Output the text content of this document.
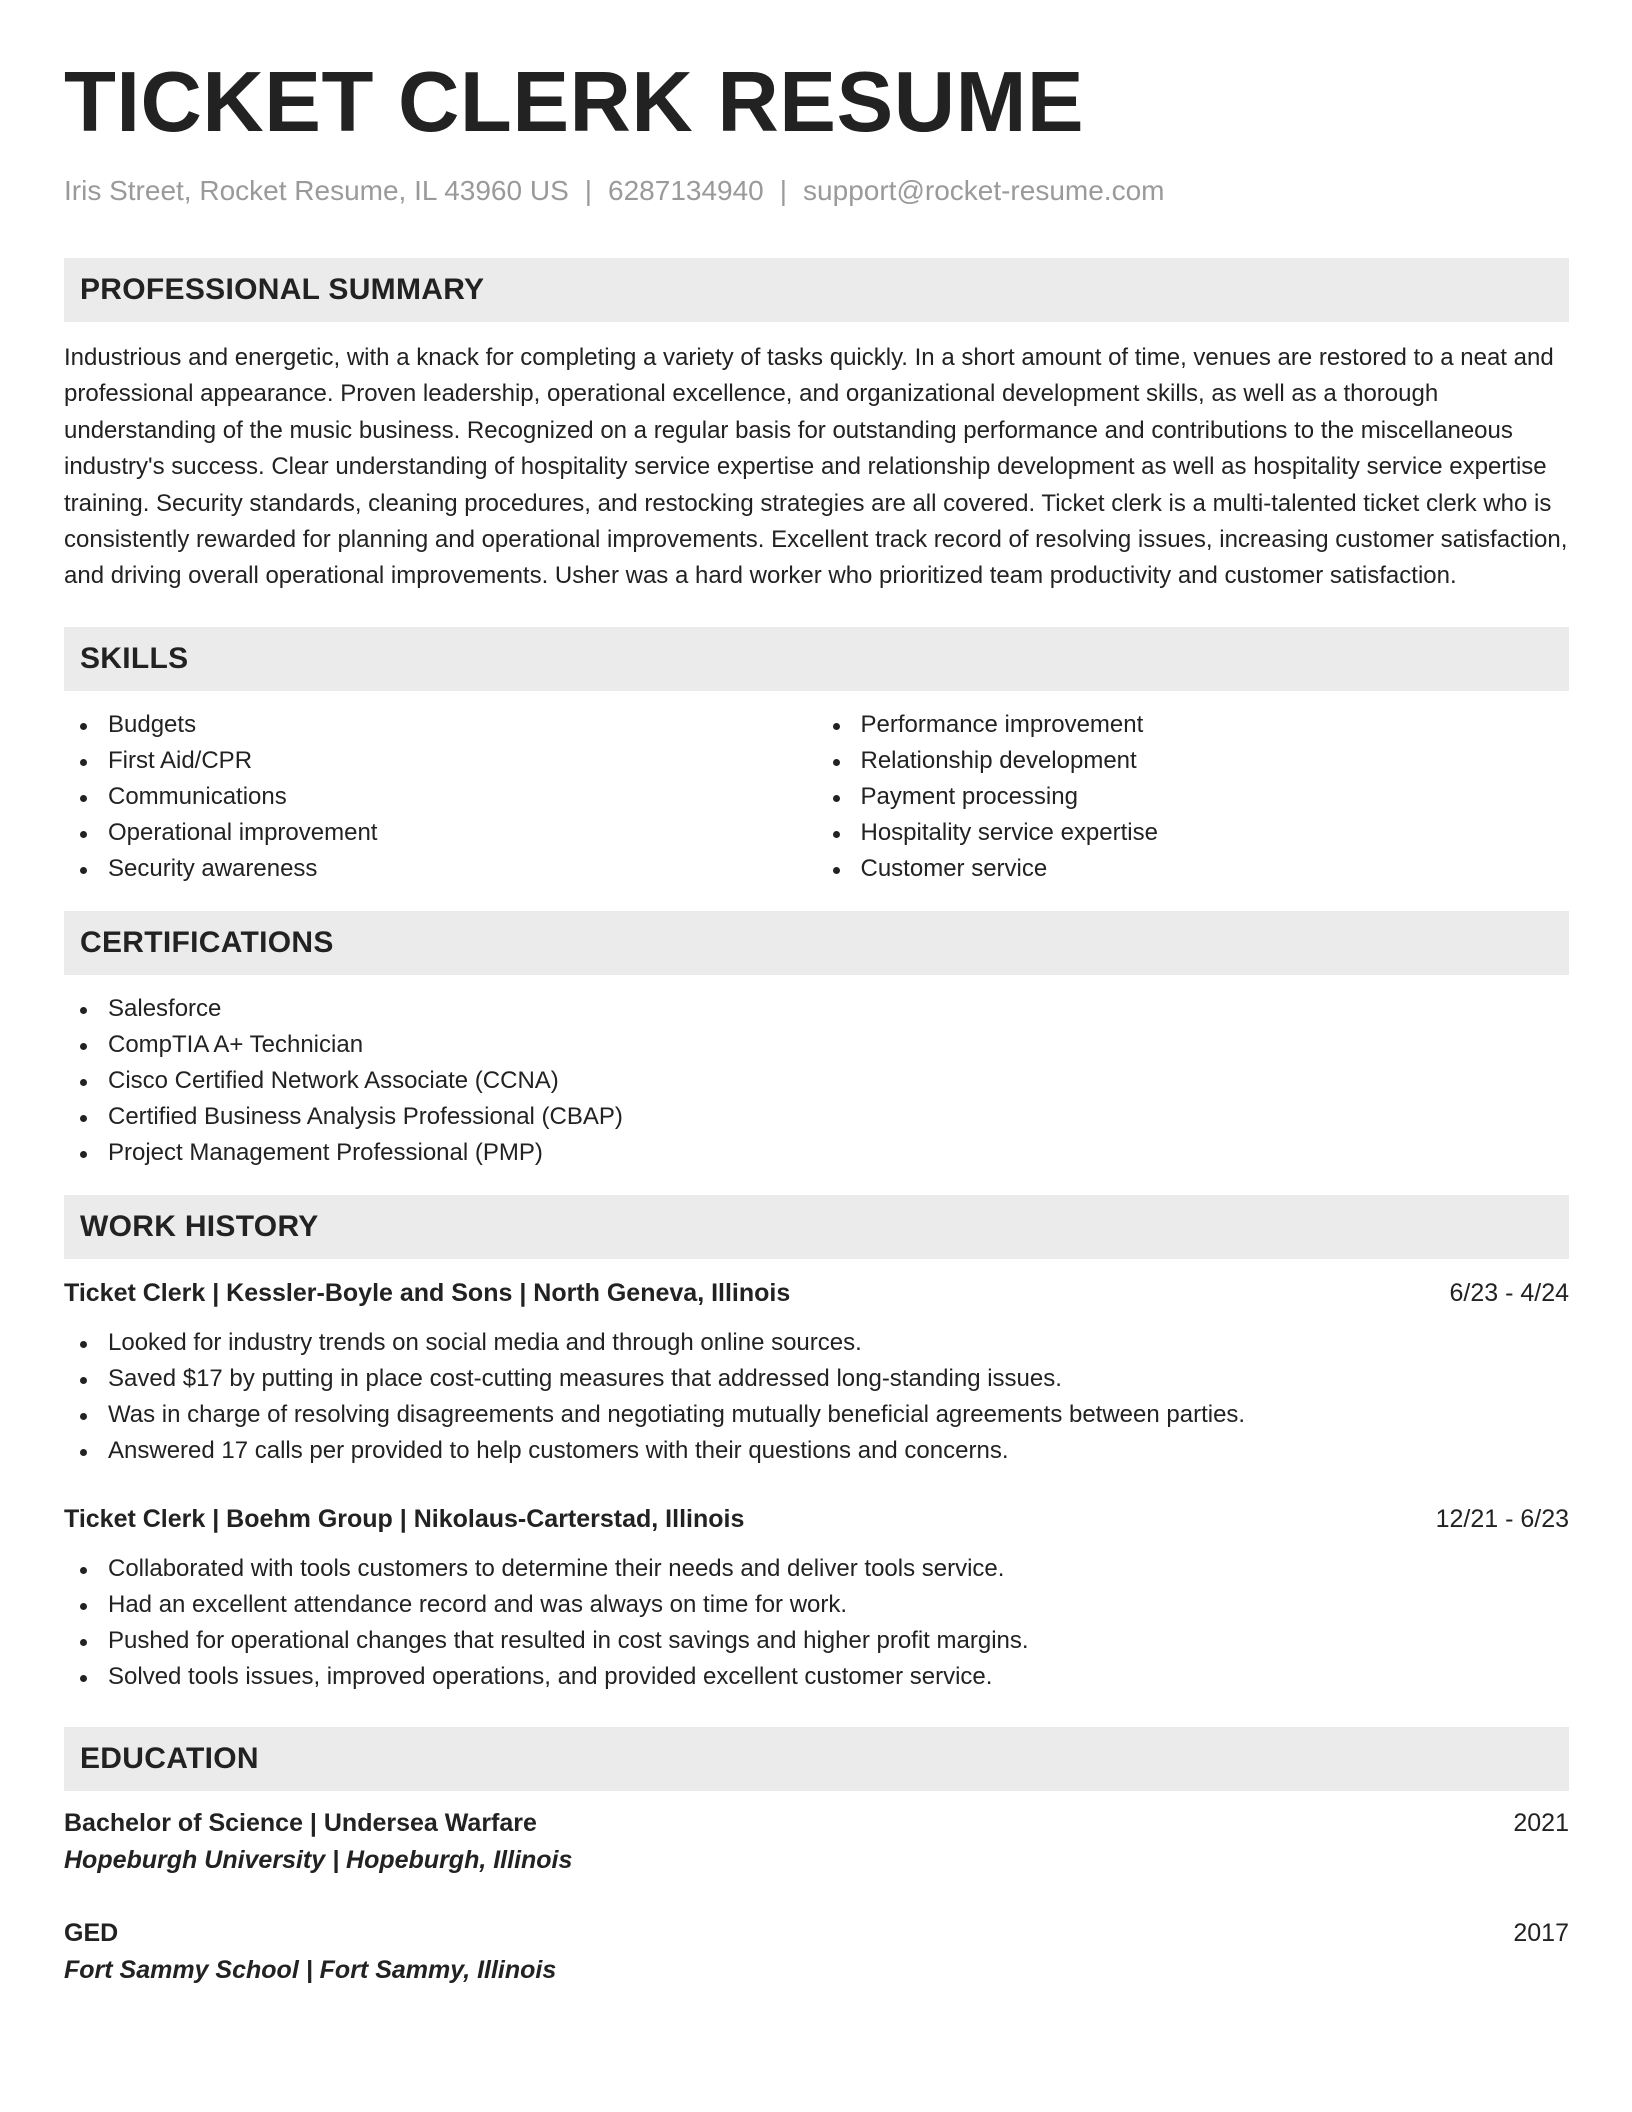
TICKET CLERK RESUME
Iris Street, Rocket Resume, IL 43960 US | 6287134940 | support@rocket-resume.com
PROFESSIONAL SUMMARY

Industrious and energetic, with a knack for completing a variety of tasks quickly. In a short amount of time, venues are restored to a neat and professional appearance. Proven leadership, operational excellence, and organizational development skills, as well as a thorough understanding of the music business. Recognized on a regular basis for outstanding performance and contributions to the miscellaneous industry's success. Clear understanding of hospitality service expertise and relationship development as well as hospitality service expertise training. Security standards, cleaning procedures, and restocking strategies are all covered. Ticket clerk is a multi-talented ticket clerk who is consistently rewarded for planning and operational improvements. Excellent track record of resolving issues, increasing customer satisfaction, and driving overall operational improvements. Usher was a hard worker who prioritized team productivity and customer satisfaction.

SKILLS
Budgets
First Aid/CPR
Communications
Operational improvement
Security awareness
Performance improvement
Relationship development
Payment processing
Hospitality service expertise
Customer service
CERTIFICATIONS
Salesforce
CompTIA A+ Technician
Cisco Certified Network Associate (CCNA)
Certified Business Analysis Professional (CBAP)
Project Management Professional (PMP)
WORK HISTORY
Ticket Clerk | Kessler-Boyle and Sons | North Geneva, Illinois	6/23 - 4/24
Looked for industry trends on social media and through online sources.
Saved $17 by putting in place cost-cutting measures that addressed long-standing issues.
Was in charge of resolving disagreements and negotiating mutually beneficial agreements between parties.
Answered 17 calls per provided to help customers with their questions and concerns.
Ticket Clerk | Boehm Group | Nikolaus-Carterstad, Illinois	12/21 - 6/23
Collaborated with tools customers to determine their needs and deliver tools service.
Had an excellent attendance record and was always on time for work.
Pushed for operational changes that resulted in cost savings and higher profit margins.
Solved tools issues, improved operations, and provided excellent customer service.
EDUCATION
Bachelor of Science | Undersea Warfare	2021
Hopeburgh University | Hopeburgh, Illinois
GED	2017
Fort Sammy School | Fort Sammy, Illinois
